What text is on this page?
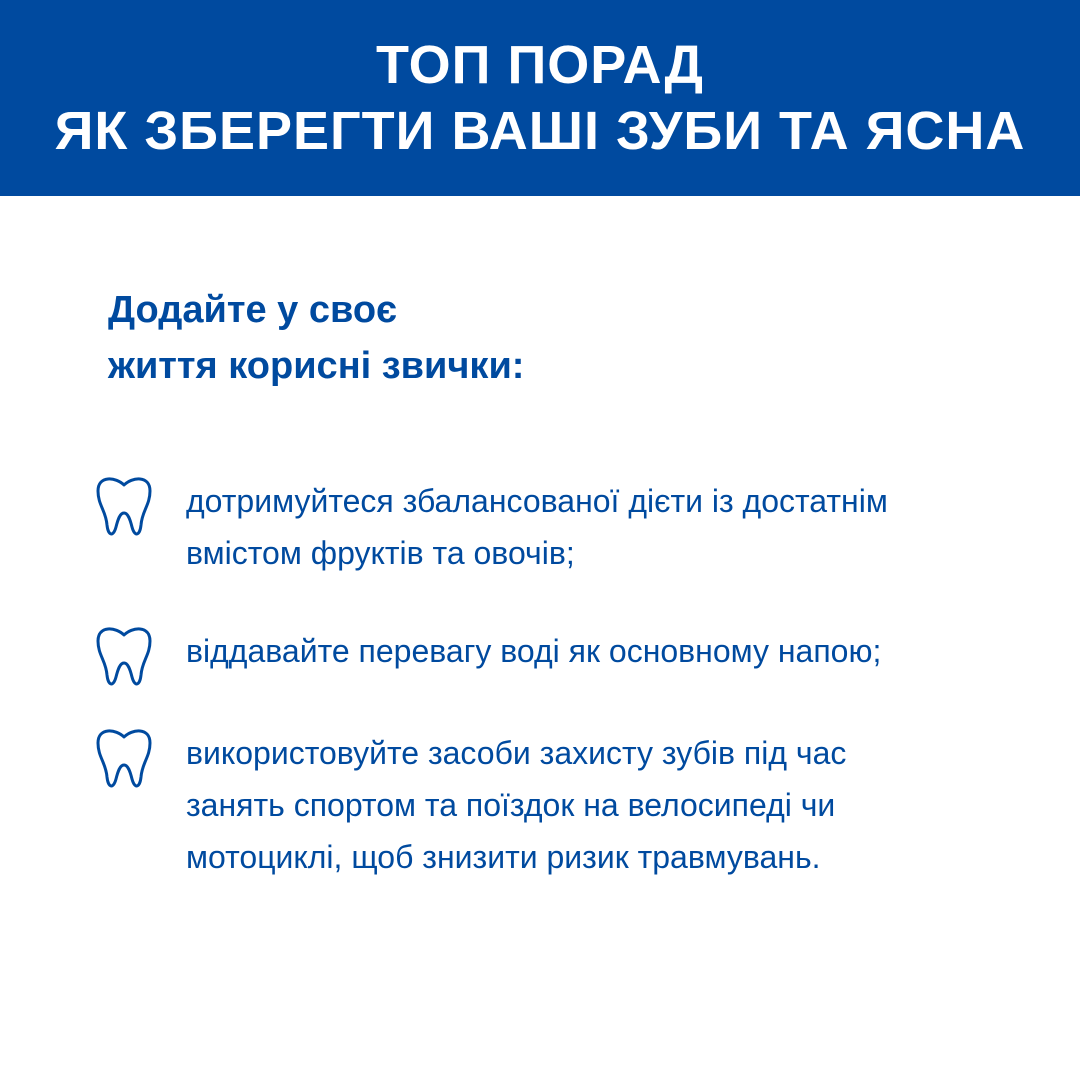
ТОП ПОРАД
ЯК ЗБЕРЕГТИ ВАШІ ЗУБИ ТА ЯСНА
Додайте у своє
життя корисні звички:
дотримуйтеся збалансованої дієти із достатнім
вмістом фруктів та овочів;
віддавайте перевагу воді як основному напою;
використовуйте засоби захисту зубів під час
занять спортом та поїздок на велосипеді чи
мотоциклі, щоб знизити ризик травмувань.
